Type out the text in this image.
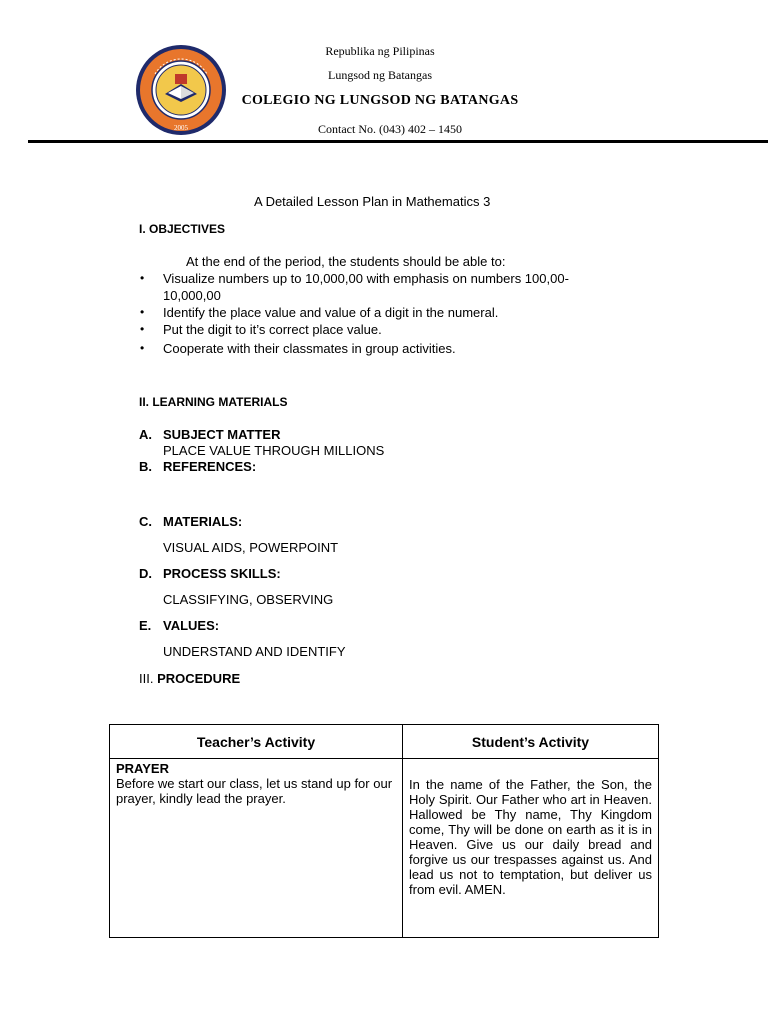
2005
Republika ng Pilipinas
Lungsod ng Batangas
COLEGIO NG LUNGSOD NG BATANGAS
Contact No. (043) 402 – 1450
A Detailed Lesson Plan in Mathematics 3
I. OBJECTIVES
At the end of the period, the students should be able to:
• Visualize numbers up to 10,000,00 with emphasis on numbers 100,00-
10,000,00
• Identify the place value and value of a digit in the numeral.
• Put the digit to it’s correct place value.
• Cooperate with their classmates in group activities.
II. LEARNING MATERIALS
A. SUBJECT MATTER
PLACE VALUE THROUGH MILLIONS
B. REFERENCES:
C. MATERIALS:
VISUAL AIDS, POWERPOINT
D. PROCESS SKILLS:
CLASSIFYING, OBSERVING
E. VALUES:
UNDERSTAND AND IDENTIFY
III. PROCEDURE
Teacher’s Activity	Student’s Activity

PRAYER
Before we start our class, let us stand up for our prayer, kindly lead the prayer.	In the name of the Father, the Son, the Holy Spirit. Our Father who art in Heaven. Hallowed be Thy name, Thy Kingdom come, Thy will be done on earth as it is in Heaven. Give us our daily bread and forgive us our trespasses against us. And lead us not to temptation, but deliver us from evil. AMEN.
